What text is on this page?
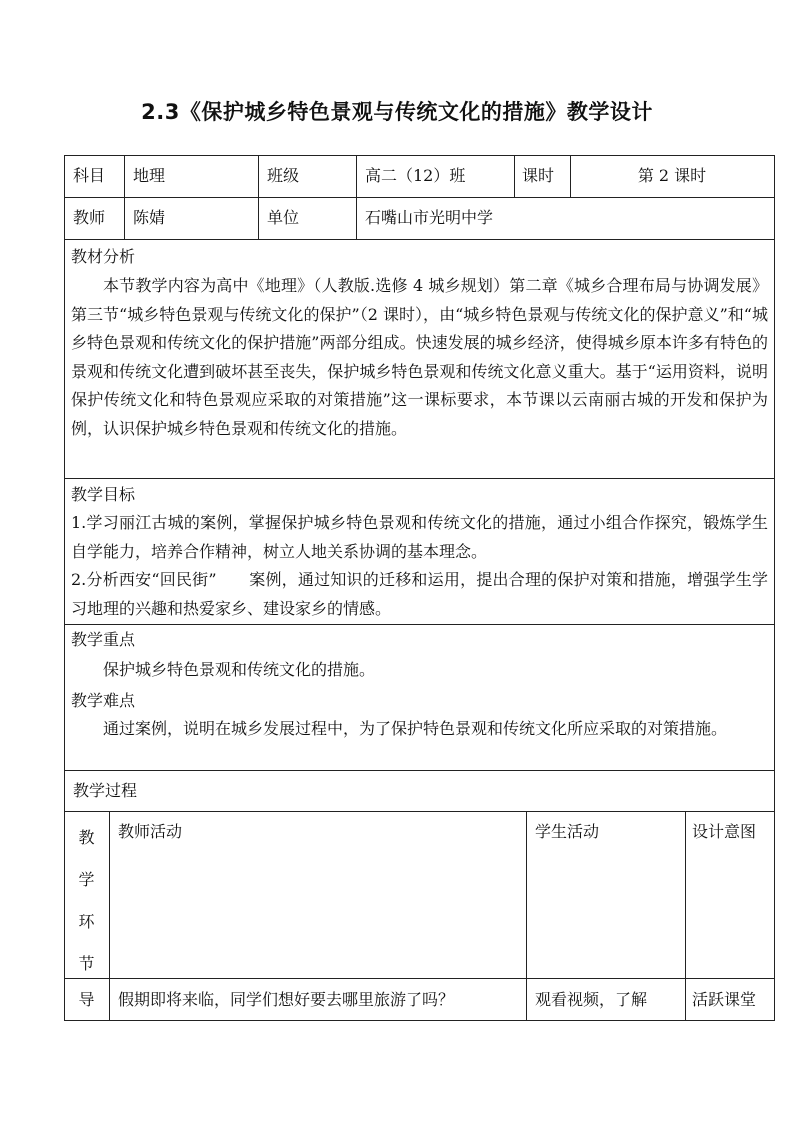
2.3《保护城乡特色景观与传统文化的措施》教学设计
科目 地理	班级	高二（12）班	课时	第 2 课时
教师 陈婧	单位	石嘴山市光明中学
教材分析
本节教学内容为高中《地理》（人教版.选修 4 城乡规划）第二章《城乡合理布局与协调发展》第三节“城乡特色景观与传统文化的保护”（2 课时），由“城乡特色景观与传统文化的保护意义”和“城乡特色景观和传统文化的保护措施”两部分组成。快速发展的城乡经济，使得城乡原本许多有特色的景观和传统文化遭到破坏甚至丧失，保护城乡特色景观和传统文化意义重大。基于“运用资料，说明保护传统文化和特色景观应采取的对策措施”这一课标要求，本节课以云南丽古城的开发和保护为例，认识保护城乡特色景观和传统文化的措施。
教学目标
1.学习丽江古城的案例，掌握保护城乡特色景观和传统文化的措施，通过小组合作探究，锻炼学生自学能力，培养合作精神，树立人地关系协调的基本理念。
2.分析西安“回民街”　　案例，通过知识的迁移和运用，提出合理的保护对策和措施，增强学生学习地理的兴趣和热爱家乡、建设家乡的情感。
教学重点
保护城乡特色景观和传统文化的措施。
教学难点
通过案例，说明在城乡发展过程中，为了保护特色景观和传统文化所应采取的对策措施。
教学过程
教
学
环
节
教师活动	学生活动	设计意图
导	假期即将来临，同学们想好要去哪里旅游了吗？	观看视频，了解	活跃课堂
